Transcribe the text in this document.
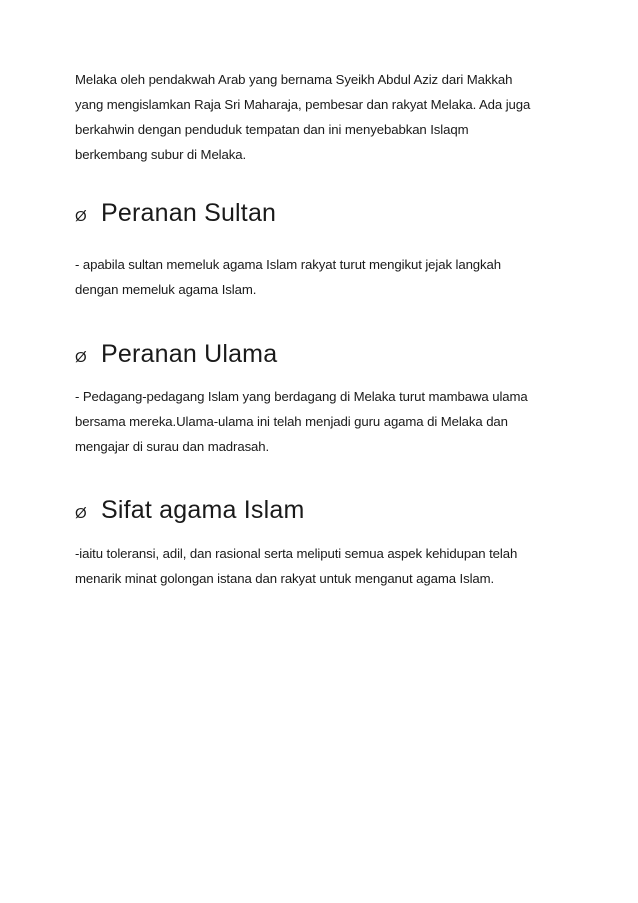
Melaka oleh pendakwah Arab yang bernama Syeikh Abdul Aziz dari Makkah
yang mengislamkan Raja Sri Maharaja, pembesar dan rakyat Melaka. Ada juga
berkahwin dengan penduduk tempatan dan ini menyebabkan Islaqm
berkembang subur di Melaka.

Ø Peranan Sultan

- apabila sultan memeluk agama Islam rakyat turut mengikut jejak langkah
dengan memeluk agama Islam.

Ø Peranan Ulama

- Pedagang-pedagang Islam yang berdagang di Melaka turut mambawa ulama
bersama mereka.Ulama-ulama ini telah menjadi guru agama di Melaka dan
mengajar di surau dan madrasah.

Ø Sifat agama Islam

-iaitu toleransi, adil, dan rasional serta meliputi semua aspek kehidupan telah
menarik minat golongan istana dan rakyat untuk menganut agama Islam.
